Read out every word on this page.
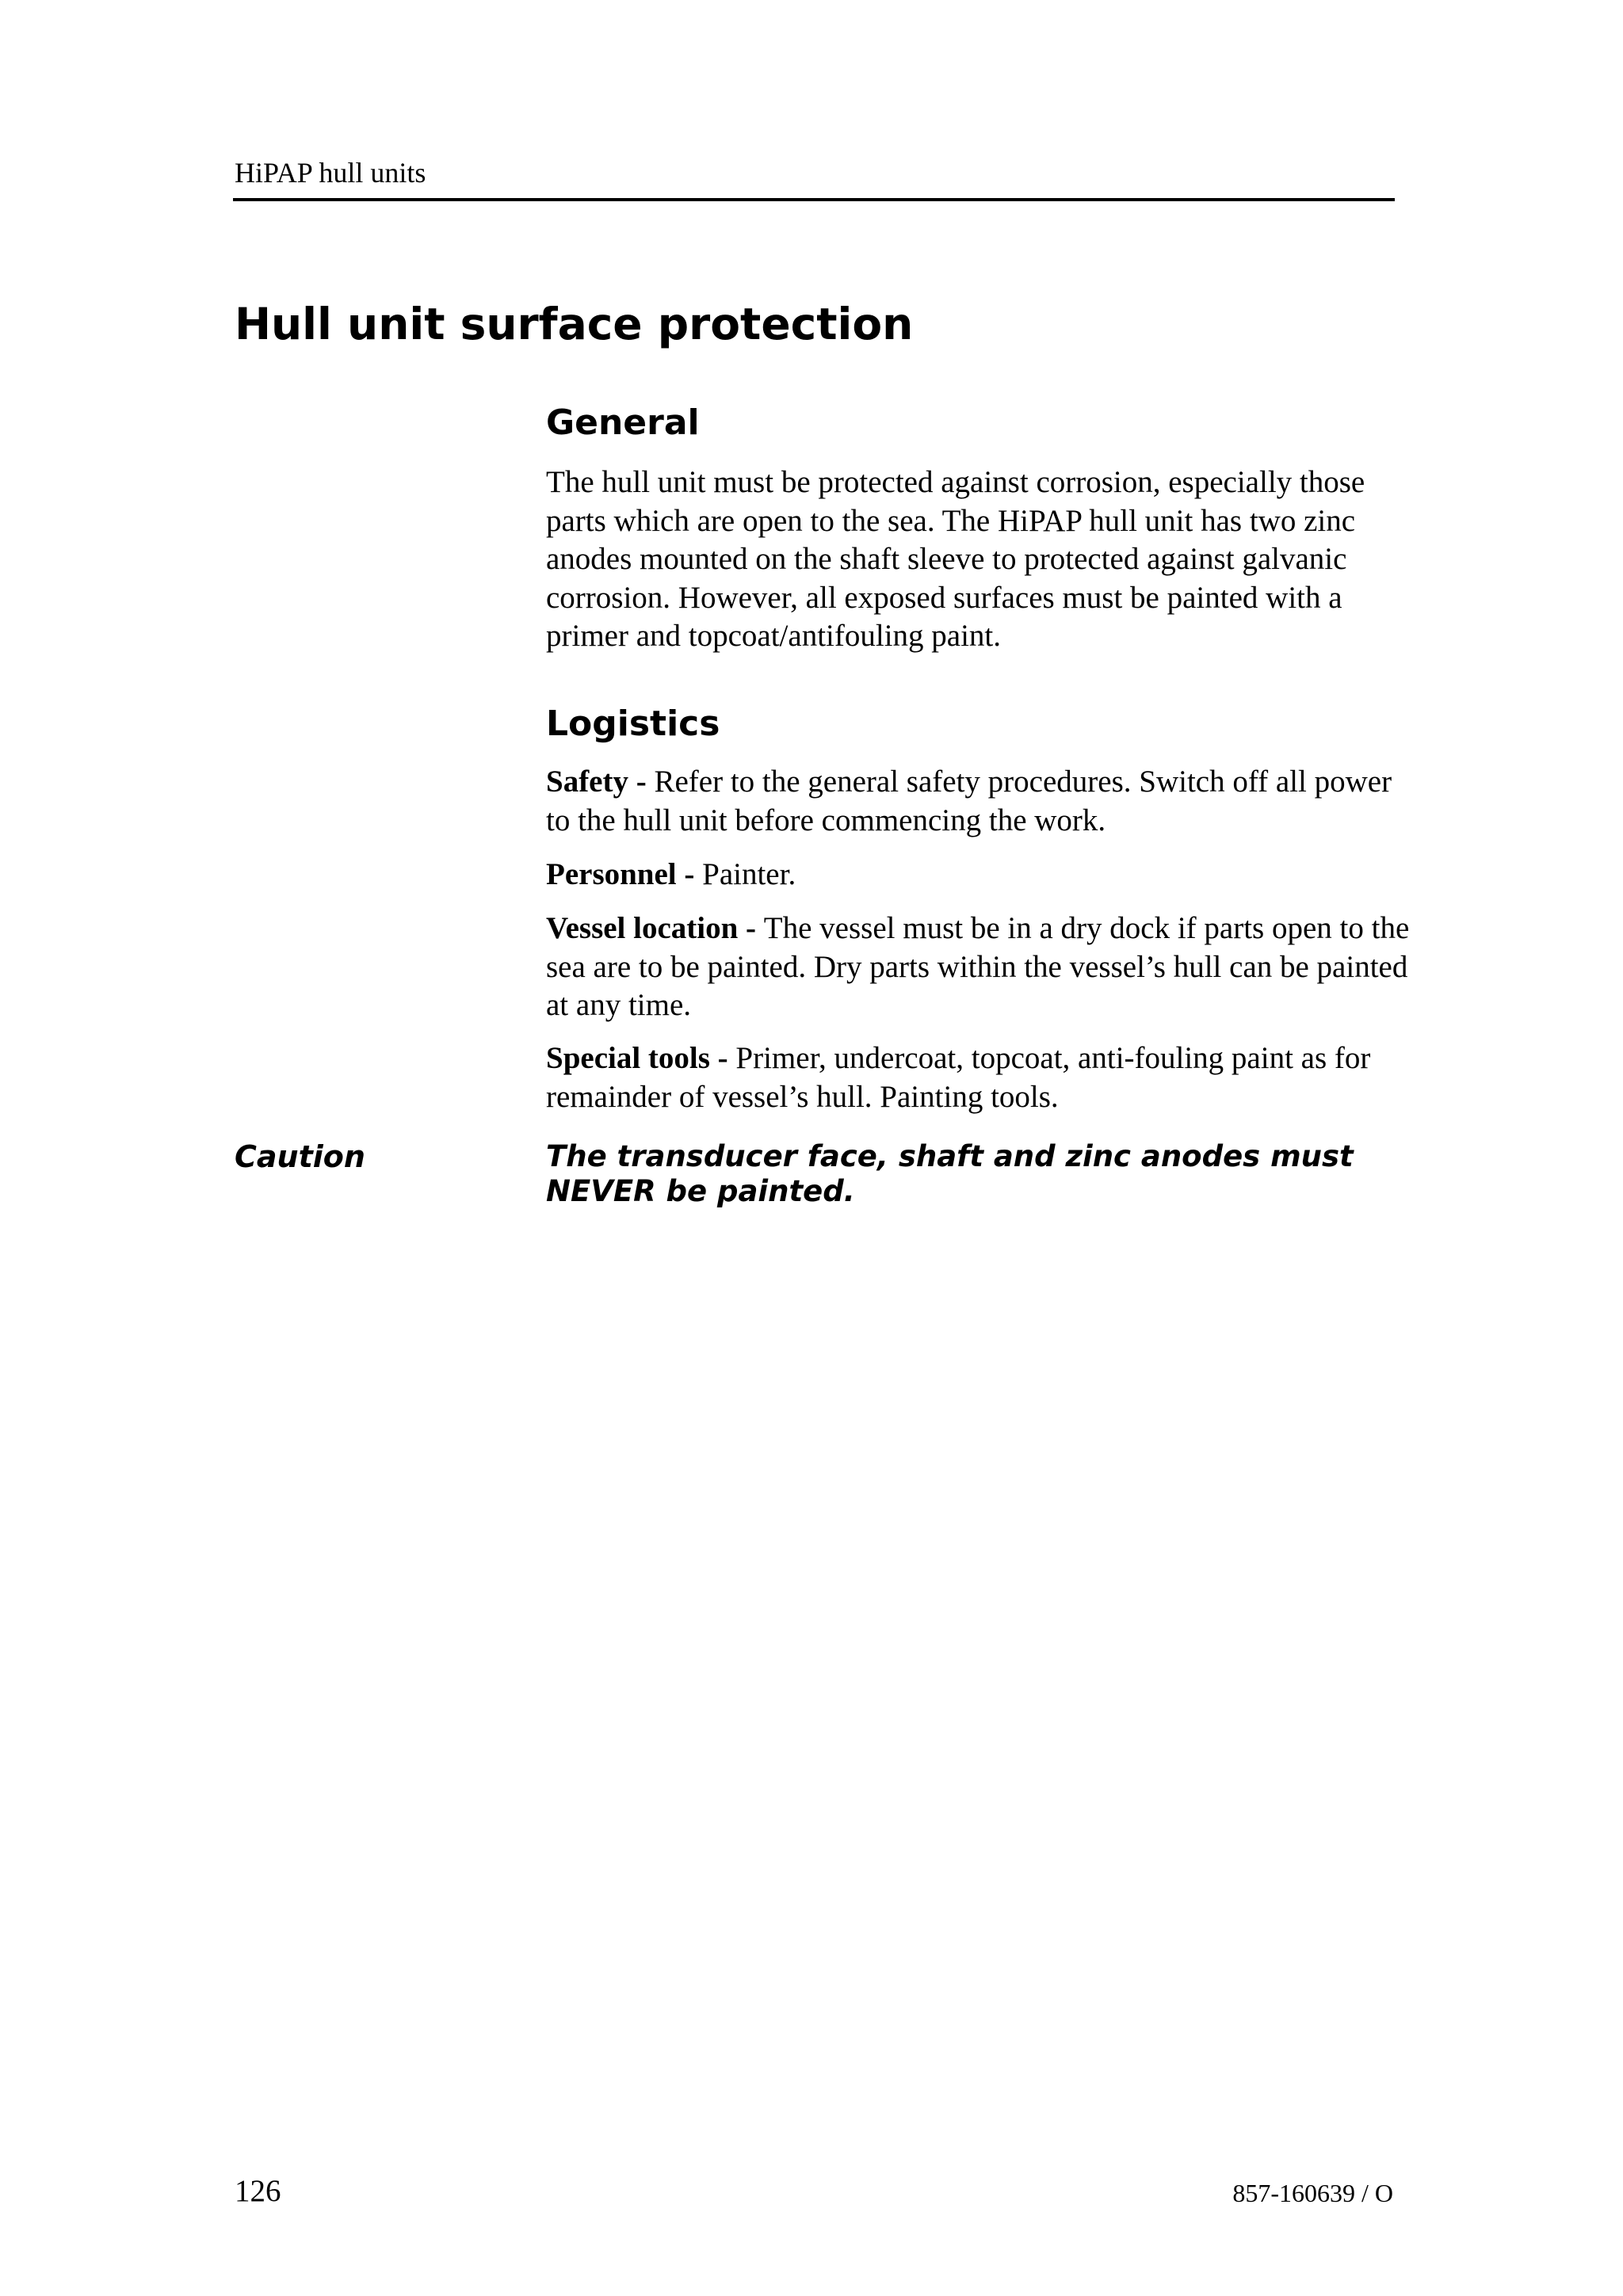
HiPAP hull units
Hull unit surface protection
General

The hull unit must be protected against corrosion, especially those parts which are open to the sea. The HiPAP hull unit has two zinc anodes mounted on the shaft sleeve to protected against galvanic corrosion. However, all exposed surfaces must be painted with a primer and topcoat/antifouling paint.

Logistics

Safety - Refer to the general safety procedures. Switch off all power to the hull unit before commencing the work.

Personnel - Painter.

Vessel location - The vessel must be in a dry dock if parts open to the sea are to be painted. Dry parts within the vessel’s hull can be painted at any time.

Special tools - Primer, undercoat, topcoat, anti-fouling paint as for remainder of vessel’s hull. Painting tools.

Caution	The transducer face, shaft and zinc anodes must NEVER be painted.

126	857-160639 / O
